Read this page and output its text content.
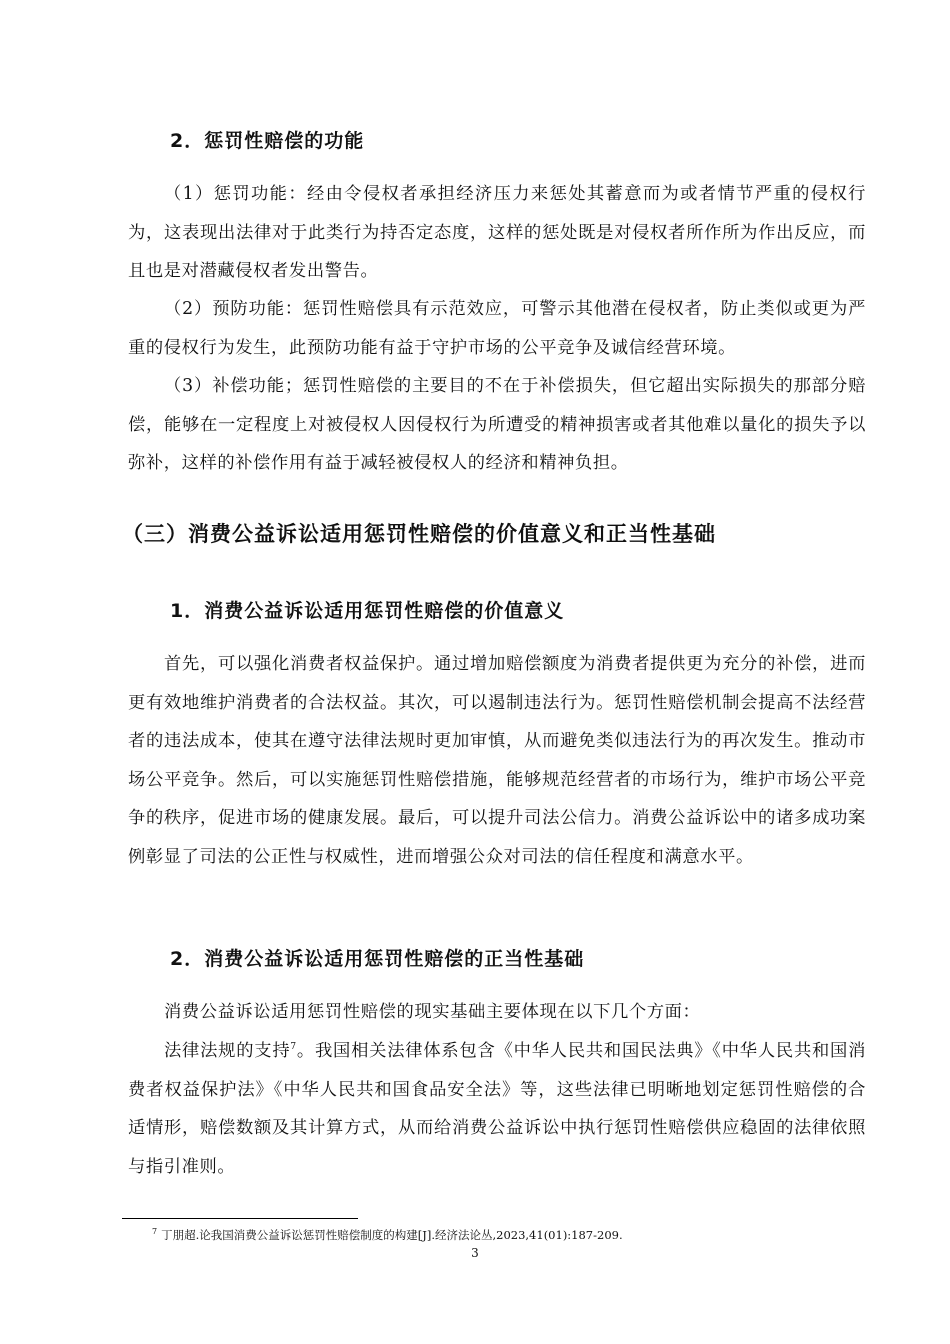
2．惩罚性赔偿的功能
（1）惩罚功能：经由令侵权者承担经济压力来惩处其蓄意而为或者情节严重的侵权行为，这表现出法律对于此类行为持否定态度，这样的惩处既是对侵权者所作所为作出反应，而且也是对潜藏侵权者发出警告。
（2）预防功能：惩罚性赔偿具有示范效应，可警示其他潜在侵权者，防止类似或更为严重的侵权行为发生，此预防功能有益于守护市场的公平竞争及诚信经营环境。
（3）补偿功能；惩罚性赔偿的主要目的不在于补偿损失，但它超出实际损失的那部分赔偿，能够在一定程度上对被侵权人因侵权行为所遭受的精神损害或者其他难以量化的损失予以弥补，这样的补偿作用有益于减轻被侵权人的经济和精神负担。
（三）消费公益诉讼适用惩罚性赔偿的价值意义和正当性基础
1．消费公益诉讼适用惩罚性赔偿的价值意义
首先，可以强化消费者权益保护。通过增加赔偿额度为消费者提供更为充分的补偿，进而更有效地维护消费者的合法权益。其次，可以遏制违法行为。惩罚性赔偿机制会提高不法经营者的违法成本，使其在遵守法律法规时更加审慎，从而避免类似违法行为的再次发生。推动市场公平竞争。然后，可以实施惩罚性赔偿措施，能够规范经营者的市场行为，维护市场公平竞争的秩序，促进市场的健康发展。最后，可以提升司法公信力。消费公益诉讼中的诸多成功案例彰显了司法的公正性与权威性，进而增强公众对司法的信任程度和满意水平。
2．消费公益诉讼适用惩罚性赔偿的正当性基础
消费公益诉讼适用惩罚性赔偿的现实基础主要体现在以下几个方面：
法律法规的支持$^7$。我国相关法律体系包含《中华人民共和国民法典》《中华人民共和国消费者权益保护法》《中华人民共和国食品安全法》等，这些法律已明晰地划定惩罚性赔偿的合适情形，赔偿数额及其计算方式，从而给消费公益诉讼中执行惩罚性赔偿供应稳固的法律依照与指引准则。
$^7$ 丁朋超.论我国消费公益诉讼惩罚性赔偿制度的构建[J].经济法论丛,2023,41(01):187-209.
3
